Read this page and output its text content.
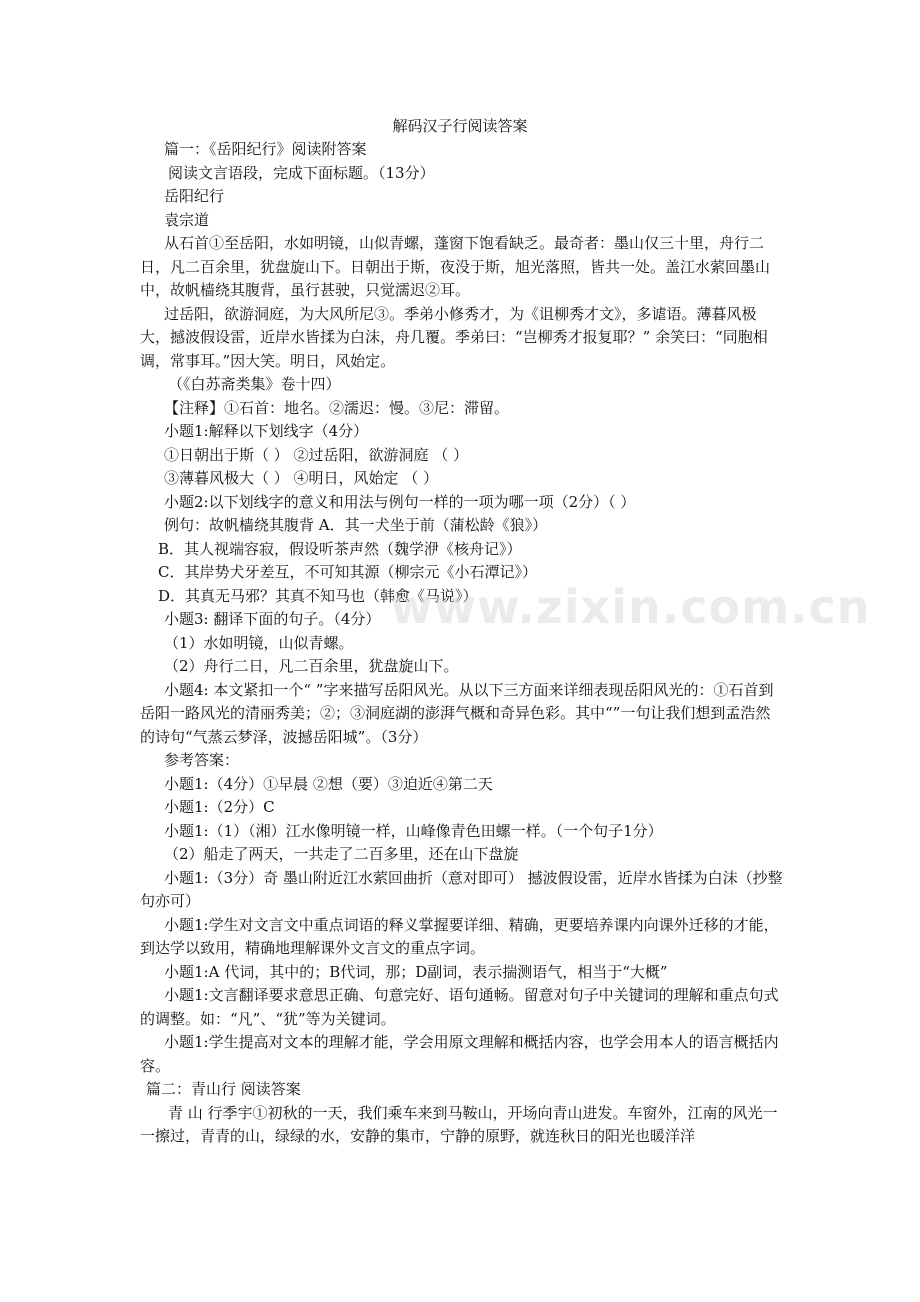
解码汉子行阅读答案

篇一：《岳阳纪行》阅读附答案

阅读文言语段，完成下面标题。（13分）

岳阳纪行

袁宗道

从石首①至岳阳，水如明镜，山似青螺，蓬窗下饱看缺乏。最奇者：墨山仅三十里，舟行二日，凡二百余里，犹盘旋山下。日朝出于斯，夜没于斯，旭光落照，皆共一处。盖江水萦回墨山中，故帆樯绕其腹背，虽行甚驶，只觉濡迟②耳。

过岳阳，欲游洞庭，为大风所尼③。季弟小修秀才，为《诅柳秀才文》，多谑语。薄暮风极大，撼波假设雷，近岸水皆揉为白沫，舟几覆。季弟曰：“岂柳秀才报复耶？” 余笑曰：“同胞相调，常事耳。”因大笑。明日，风始定。

（《白苏斋类集》卷十四）

【注释】①石首：地名。②濡迟：慢。③尼：滞留。

小题1:解释以下划线字（4分）

①日朝出于斯（ ） ②过岳阳，欲游洞庭 （ ）

③薄暮风极大（ ） ④明日，风始定 （ ）

小题2:以下划线字的意义和用法与例句一样的一项为哪一项（2分）（ ）

例句：故帆樯绕其腹背 A．其一犬坐于前（蒲松龄《狼》）

B．其人视端容寂，假设听茶声然（魏学洢《核舟记》）

C．其岸势犬牙差互，不可知其源（柳宗元《小石潭记》）

D．其真无马邪？其真不知马也（韩愈《马说》）

小题3: 翻译下面的句子。（4分）

（1）水如明镜，山似青螺。

（2）舟行二日，凡二百余里，犹盘旋山下。

小题4: 本文紧扣一个“ ”字来描写岳阳风光。从以下三方面来详细表现岳阳风光的：①石首到岳阳一路风光的清丽秀美；②；③洞庭湖的澎湃气概和奇异色彩。其中“”一句让我们想到孟浩然的诗句“气蒸云梦泽，波撼岳阳城”。（3分）

参考答案：

小题1:（4分）①早晨 ②想（要）③迫近④第二天

小题1:（2分）C

小题1:（1）（湘）江水像明镜一样，山峰像青色田螺一样。（一个句子1分）

（2）船走了两天，一共走了二百多里，还在山下盘旋

小题1:（3分）奇 墨山附近江水萦回曲折（意对即可） 撼波假设雷，近岸水皆揉为白沫（抄整句亦可）

小题1:学生对文言文中重点词语的释义掌握要详细、精确，更要培养课内向课外迁移的才能，到达学以致用，精确地理解课外文言文的重点字词。

小题1:A 代词，其中的；B代词，那；D副词，表示揣测语气，相当于“大概”

小题1:文言翻译要求意思正确、句意完好、语句通畅。留意对句子中关键词的理解和重点句式的调整。如：“凡”、“犹”等为关键词。

小题1:学生提高对文本的理解才能，学会用原文理解和概括内容，也学会用本人的语言概括内容。

篇二：青山行 阅读答案

青 山 行季宇①初秋的一天，我们乘车来到马鞍山，开场向青山进发。车窗外，江南的风光一一擦过，青青的山，绿绿的水，安静的集市，宁静的原野，就连秋日的阳光也暖洋洋

www.zixin.com.cn
